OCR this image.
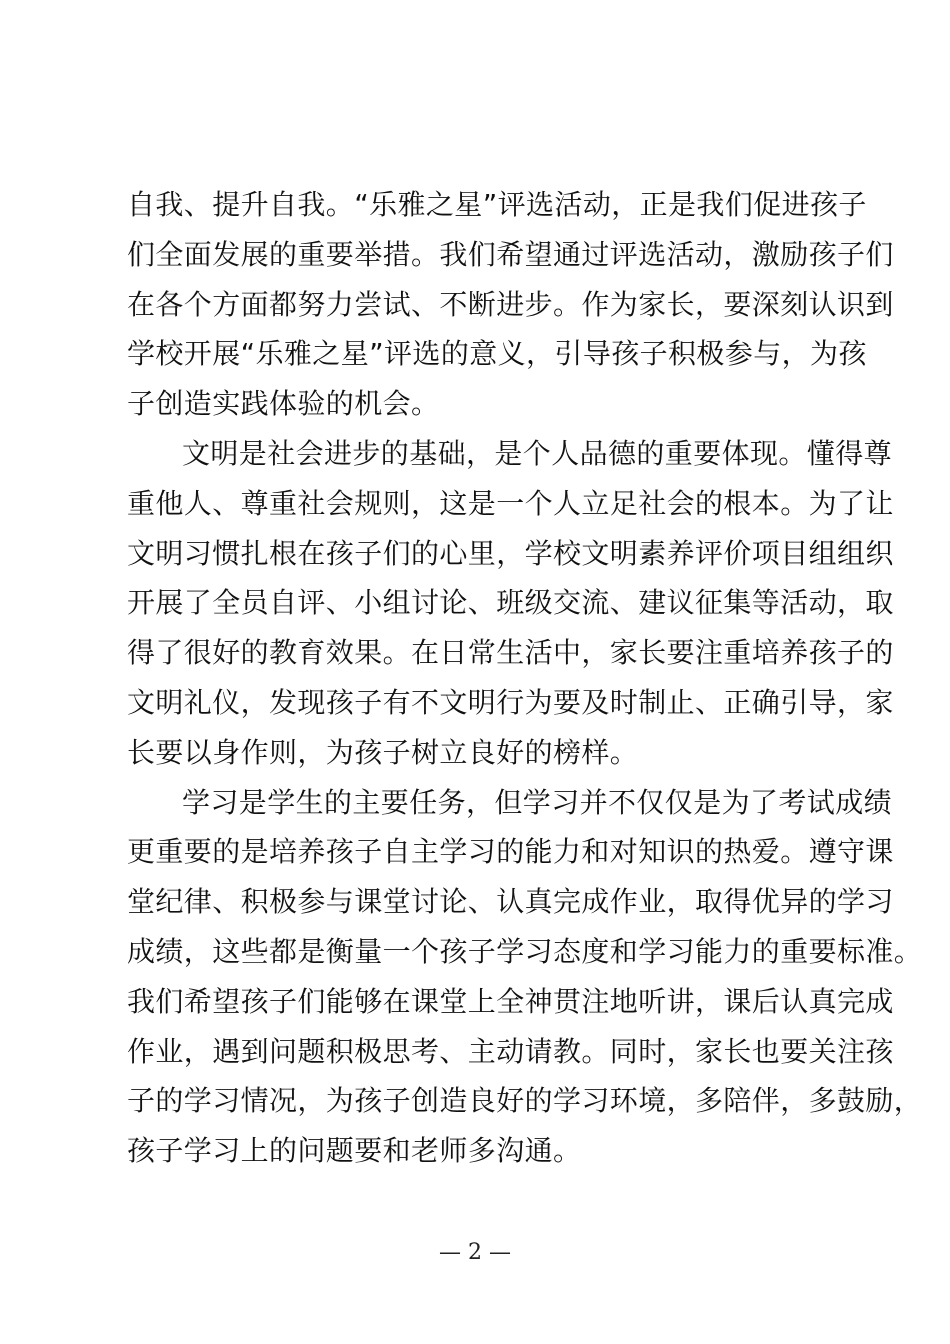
自我、提升自我。“乐雅之星”评选活动，正是我们促进孩子
们全面发展的重要举措。我们希望通过评选活动，激励孩子们
在各个方面都努力尝试、不断进步。作为家长，要深刻认识到
学校开展“乐雅之星”评选的意义，引导孩子积极参与，为孩
子创造实践体验的机会。
文明是社会进步的基础，是个人品德的重要体现。懂得尊
重他人、尊重社会规则，这是一个人立足社会的根本。为了让
文明习惯扎根在孩子们的心里，学校文明素养评价项目组组织
开展了全员自评、小组讨论、班级交流、建议征集等活动，取
得了很好的教育效果。在日常生活中，家长要注重培养孩子的
文明礼仪，发现孩子有不文明行为要及时制止、正确引导，家
长要以身作则，为孩子树立良好的榜样。
学习是学生的主要任务，但学习并不仅仅是为了考试成绩
更重要的是培养孩子自主学习的能力和对知识的热爱。遵守课
堂纪律、积极参与课堂讨论、认真完成作业，取得优异的学习
成绩，这些都是衡量一个孩子学习态度和学习能力的重要标准。
我们希望孩子们能够在课堂上全神贯注地听讲，课后认真完成
作业，遇到问题积极思考、主动请教。同时，家长也要关注孩
子的学习情况，为孩子创造良好的学习环境，多陪伴，多鼓励，
孩子学习上的问题要和老师多沟通。
— 2 —
